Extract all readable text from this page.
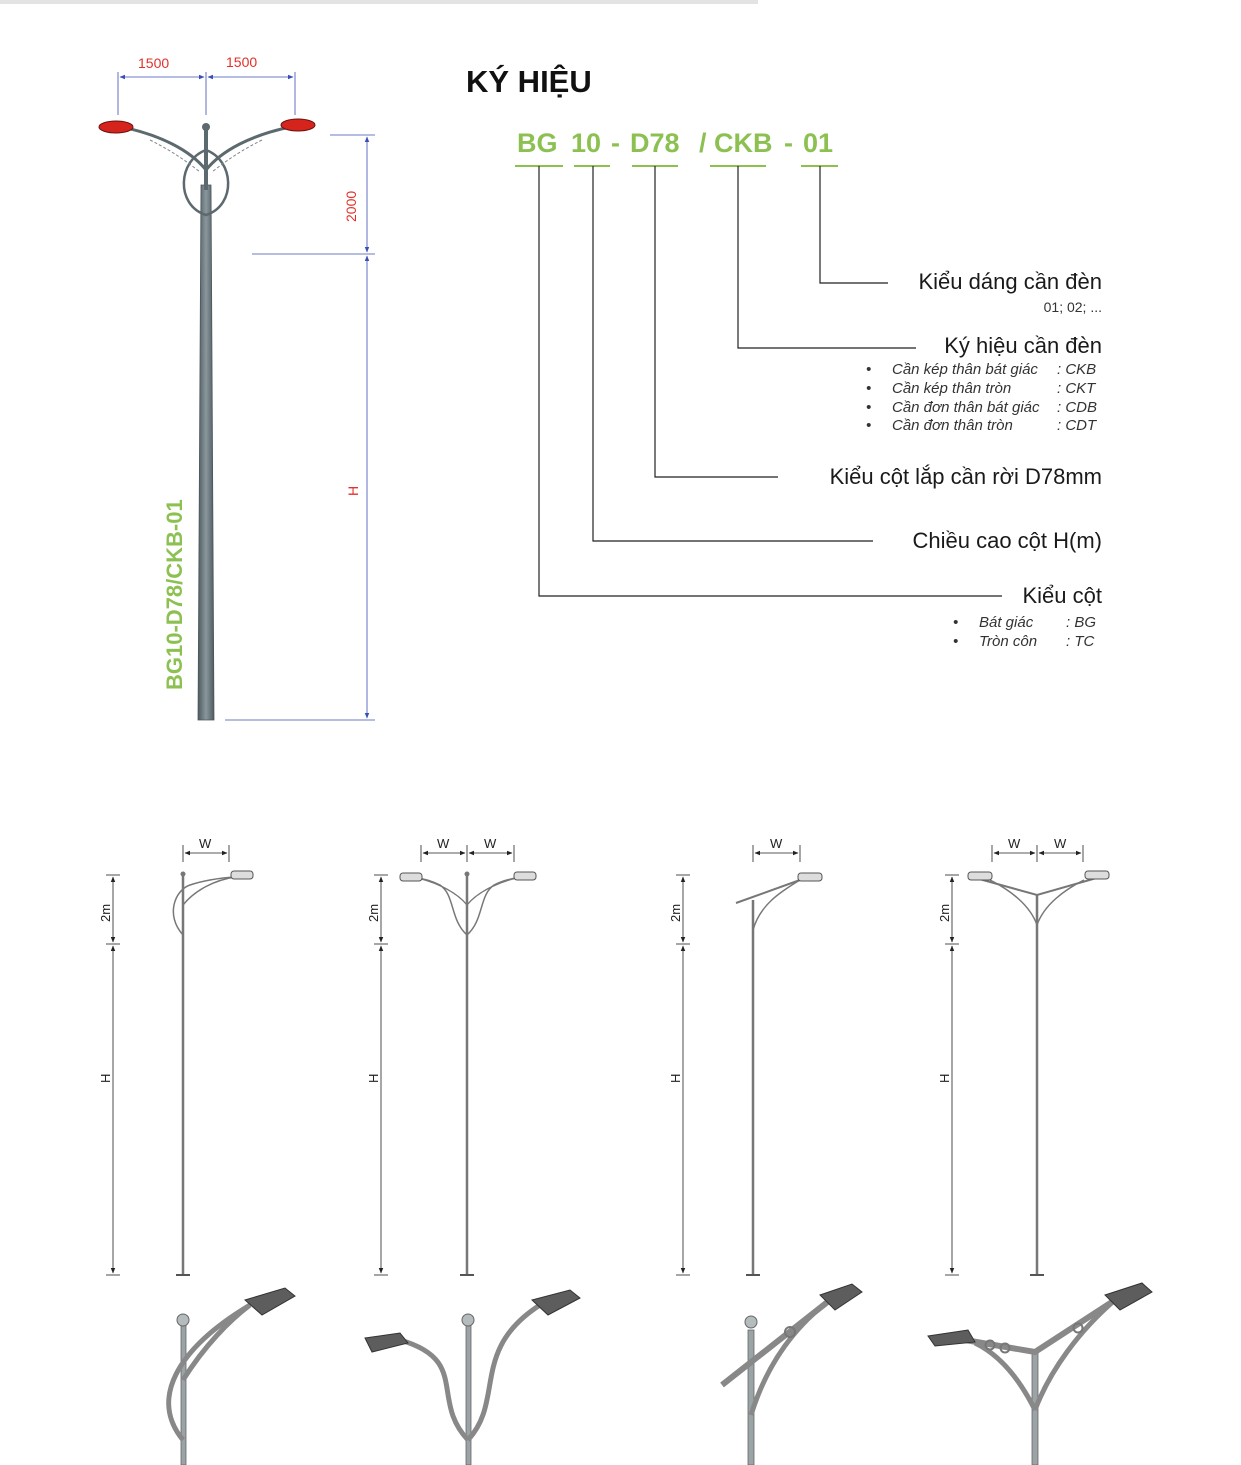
KÝ HIỆU
BG 10 - D78 / CKB - 01
Kiểu dáng cần đèn
01; 02; ...
Ký hiệu cần đèn
• Cần kép thân bát giác : CKB
• Cần kép thân tròn	: CKT
• Cần đơn thân bát giác : CDB
• Cần đơn thân tròn	: CDT
Kiểu cột lắp cần rời D78mm
Chiều cao cột H(m)
Kiểu cột
• Bát giác : BG
• Tròn côn : TC
1500	1500
2000
H
BG10-D78/CKB-01
W
2m
H
W	W
2m
H
W
2m
H
W	W
2m
H
